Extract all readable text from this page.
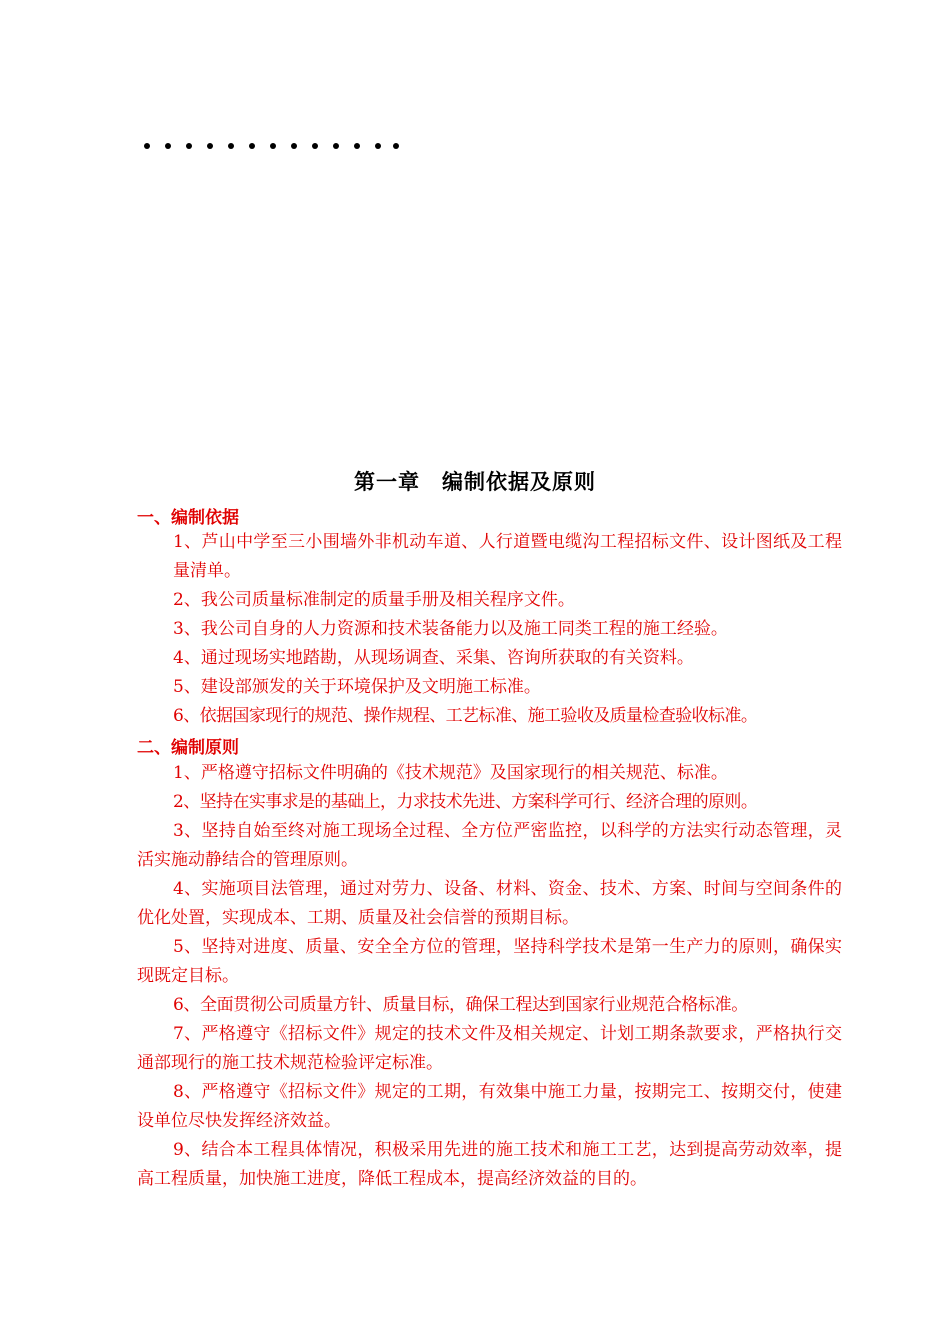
第一章　编制依据及原则
一、编制依据
1、芦山中学至三小围墙外非机动车道、人行道暨电缆沟工程招标文件、设计图纸及工程量清单。
2、我公司质量标准制定的质量手册及相关程序文件。
3、我公司自身的人力资源和技术装备能力以及施工同类工程的施工经验。
4、通过现场实地踏勘，从现场调查、采集、咨询所获取的有关资料。
5、建设部颁发的关于环境保护及文明施工标准。
6、依据国家现行的规范、操作规程、工艺标准、施工验收及质量检查验收标准。
二、编制原则
1、严格遵守招标文件明确的《技术规范》及国家现行的相关规范、标准。
2、坚持在实事求是的基础上，力求技术先进、方案科学可行、经济合理的原则。
3、坚持自始至终对施工现场全过程、全方位严密监控，以科学的方法实行动态管理，灵活实施动静结合的管理原则。
4、实施项目法管理，通过对劳力、设备、材料、资金、技术、方案、时间与空间条件的优化处置，实现成本、工期、质量及社会信誉的预期目标。
5、坚持对进度、质量、安全全方位的管理，坚持科学技术是第一生产力的原则，确保实现既定目标。
6、全面贯彻公司质量方针、质量目标，确保工程达到国家行业规范合格标准。
7、严格遵守《招标文件》规定的技术文件及相关规定、计划工期条款要求，严格执行交通部现行的施工技术规范检验评定标准。
8、严格遵守《招标文件》规定的工期，有效集中施工力量，按期完工、按期交付，使建设单位尽快发挥经济效益。
9、结合本工程具体情况，积极采用先进的施工技术和施工工艺，达到提高劳动效率，提高工程质量，加快施工进度，降低工程成本，提高经济效益的目的。
